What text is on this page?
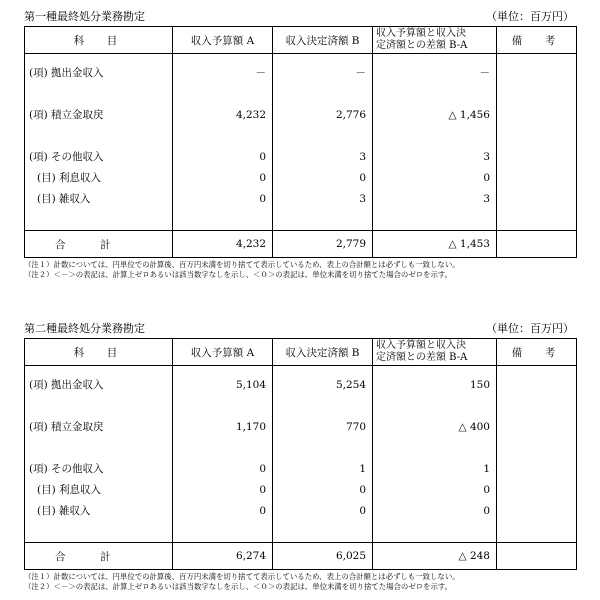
第一種最終処分業務勘定	（単位：百万円）
科　目	収入予算額 A	収入決定済額 B	収入予算額と収入決
定済額との差額 B-A	備　考

(項) 拠出金収入	－	－	－	

(項) 積立金取戻	4,232	2,776	△ 1,456	

(項) その他収入	0	3	3	
(目) 利息収入	0	0	0	
(目) 雑収入	0	3	3	

合　計	4,232	2,779	△ 1,453	
（注１）計数については、円単位での計算後、百万円未満を切り捨てて表示しているため、表上の合計額とは必ずしも一致しない。
（注２）＜－＞の表記は、計算上ゼロあるいは該当数字なしを示し、＜０＞の表記は、単位未満を切り捨てた場合のゼロを示す。
第二種最終処分業務勘定	（単位：百万円）
科　目	収入予算額 A	収入決定済額 B	収入予算額と収入決
定済額との差額 B-A	備　考

(項) 拠出金収入	5,104	5,254	150	

(項) 積立金取戻	1,170	770	△ 400	

(項) その他収入	0	1	1	
(目) 利息収入	0	0	0	
(目) 雑収入	0	0	0	

合　計	6,274	6,025	△ 248	
（注１）計数については、円単位での計算後、百万円未満を切り捨てて表示しているため、表上の合計額とは必ずしも一致しない。
（注２）＜－＞の表記は、計算上ゼロあるいは該当数字なしを示し、＜０＞の表記は、単位未満を切り捨てた場合のゼロを示す。
